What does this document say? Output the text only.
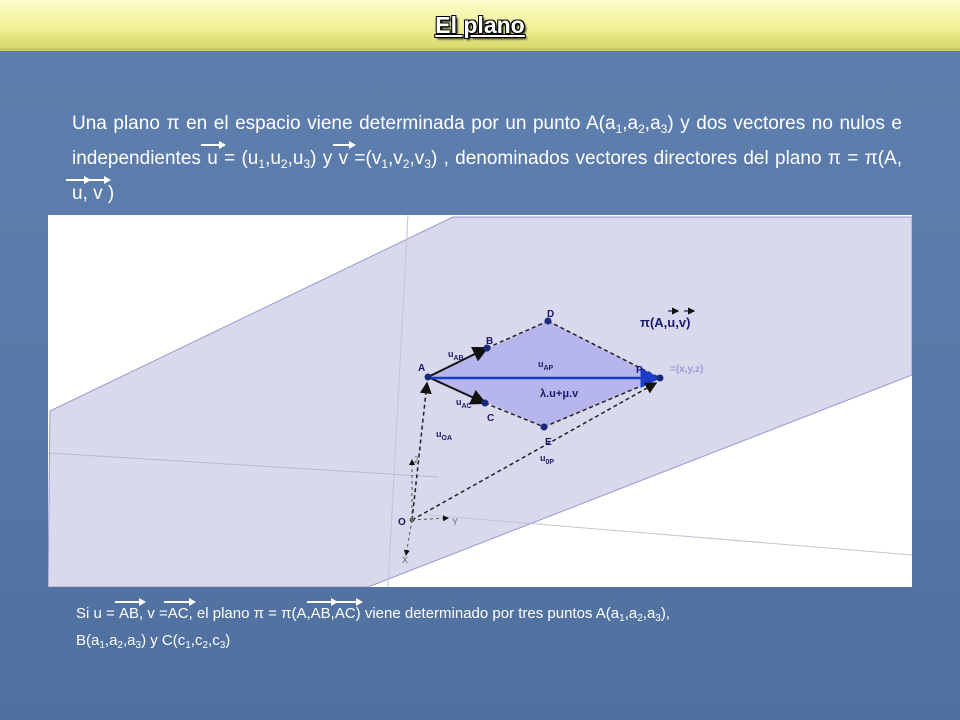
El plano

Una plano π en el espacio viene determinada por un punto $A(a_1,a_2,a_3)$ y dos vectores no nulos e independientes $u = (u_1,u_2,u_3)$ y $v =(v_1,v_2,v_3)$ , denominados vectores directores del plano π = π(A, u, v )

π(A,u,v)
λ.u+μ.v
A
B
C
D
E
P	=(x,y,z)
O	Y
X
Z
$u_{AB}$
$u_{AC}$
$u_{AP}$
$u_{OA}$
$u_{0P}$

Si u = AB, v =AC, el plano π = π(A,AB,AC) viene determinado por tres puntos $A(a_1,a_2,a_3)$,
$B(a_1,a_2,a_3)$ y $C(c_1,c_2,c_3)$
